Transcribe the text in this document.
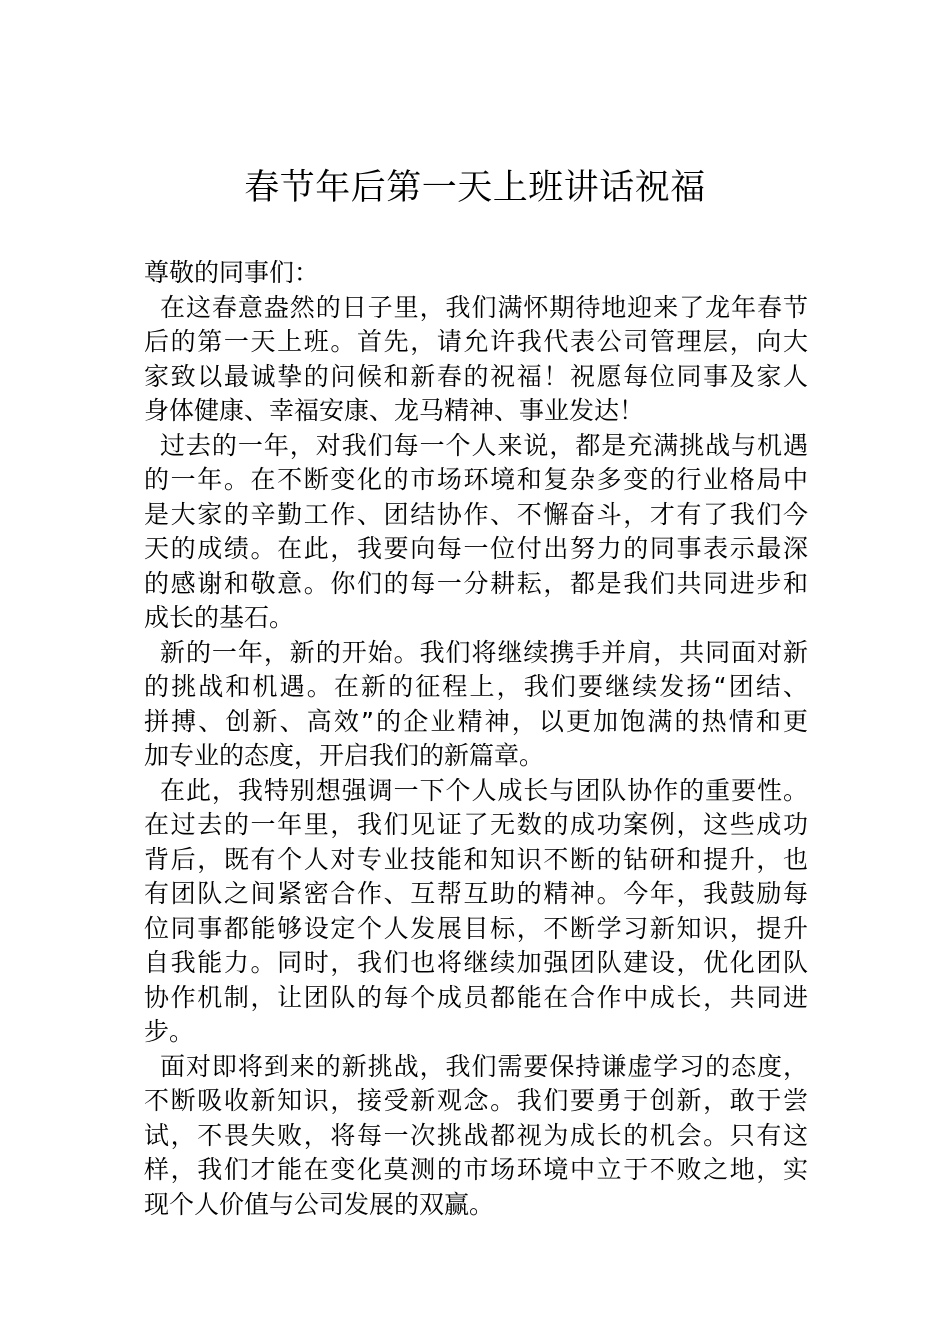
春节年后第一天上班讲话祝福
尊敬的同事们：
在这春意盎然的日子里，我们满怀期待地迎来了龙年春节
后的第一天上班。首先，请允许我代表公司管理层，向大
家致以最诚挚的问候和新春的祝福！祝愿每位同事及家人
身体健康、幸福安康、龙马精神、事业发达！
过去的一年，对我们每一个人来说，都是充满挑战与机遇
的一年。在不断变化的市场环境和复杂多变的行业格局中
是大家的辛勤工作、团结协作、不懈奋斗，才有了我们今
天的成绩。在此，我要向每一位付出努力的同事表示最深
的感谢和敬意。你们的每一分耕耘，都是我们共同进步和
成长的基石。
新的一年，新的开始。我们将继续携手并肩，共同面对新
的挑战和机遇。在新的征程上，我们要继续发扬“团结、
拼搏、创新、高效”的企业精神，以更加饱满的热情和更
加专业的态度，开启我们的新篇章。
在此，我特别想强调一下个人成长与团队协作的重要性。
在过去的一年里，我们见证了无数的成功案例，这些成功
背后，既有个人对专业技能和知识不断的钻研和提升，也
有团队之间紧密合作、互帮互助的精神。今年，我鼓励每
位同事都能够设定个人发展目标，不断学习新知识，提升
自我能力。同时，我们也将继续加强团队建设，优化团队
协作机制，让团队的每个成员都能在合作中成长，共同进
步。
面对即将到来的新挑战，我们需要保持谦虚学习的态度，
不断吸收新知识，接受新观念。我们要勇于创新，敢于尝
试，不畏失败，将每一次挑战都视为成长的机会。只有这
样，我们才能在变化莫测的市场环境中立于不败之地，实
现个人价值与公司发展的双赢。
